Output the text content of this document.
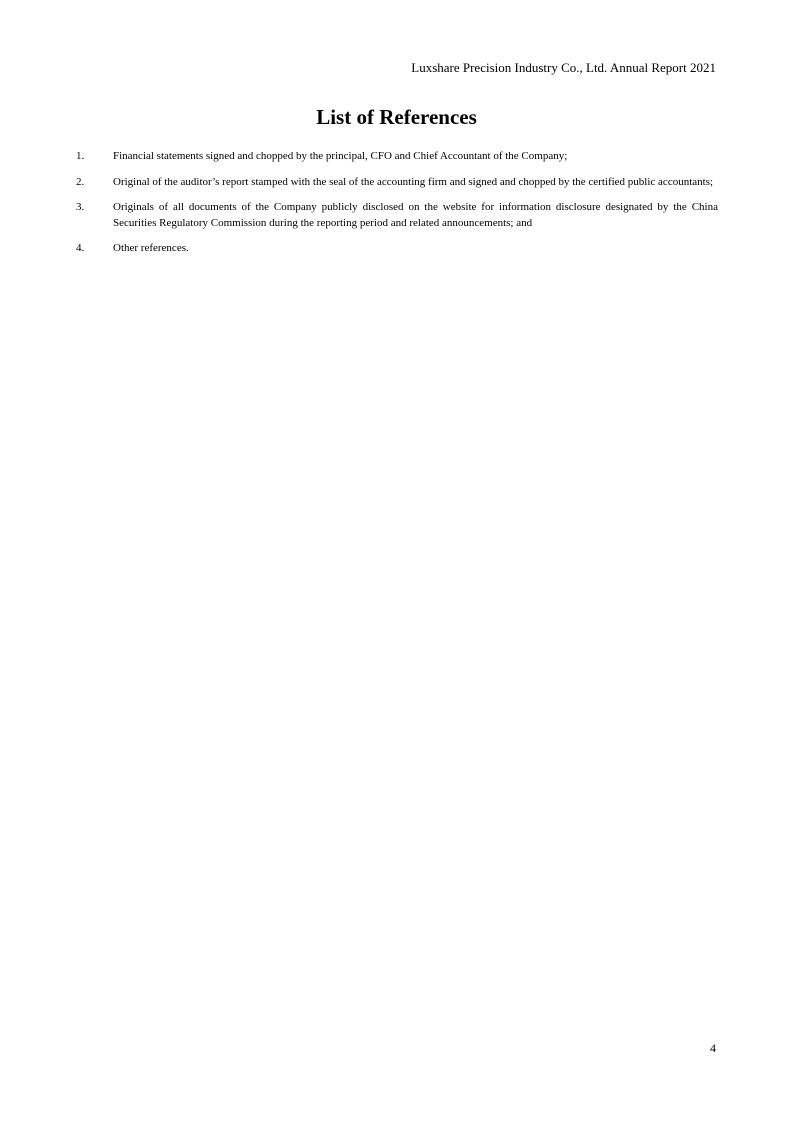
Luxshare Precision Industry Co., Ltd. Annual Report 2021
List of References
1.	Financial statements signed and chopped by the principal, CFO and Chief Accountant of the Company;
2.	Original of the auditor’s report stamped with the seal of the accounting firm and signed and chopped by the certified public accountants;
3.	Originals of all documents of the Company publicly disclosed on the website for information disclosure designated by the China Securities Regulatory Commission during the reporting period and related announcements; and
4.	Other references.
4
